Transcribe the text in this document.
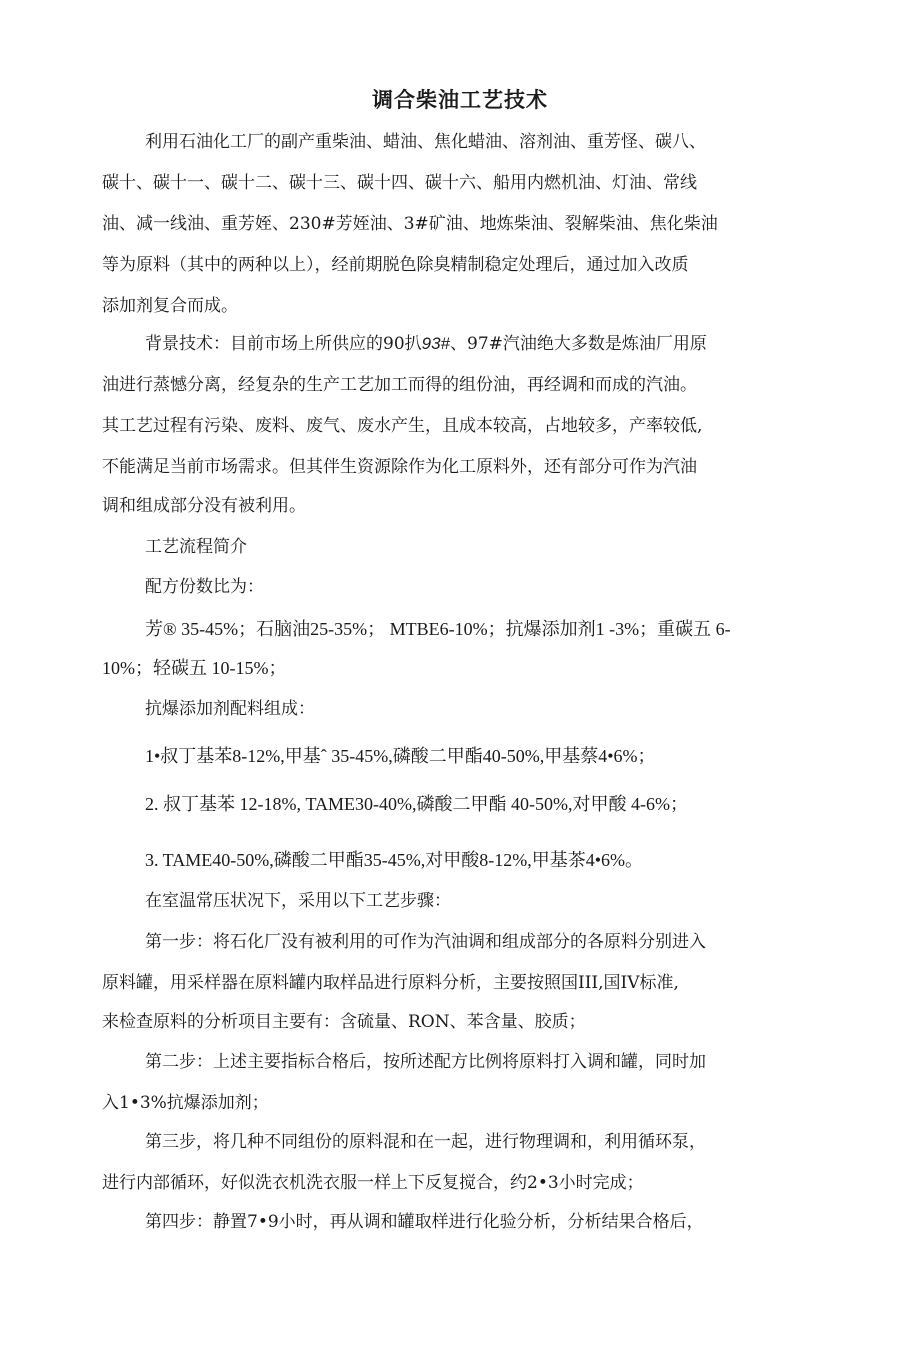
调合柴油工艺技术
利用石油化工厂的副产重柴油、蜡油、焦化蜡油、溶剂油、重芳怪、碳八、
碳十、碳十一、碳十二、碳十三、碳十四、碳十六、船用内燃机油、灯油、常线
油、减一线油、重芳姪、230#芳姪油、3#矿油、地炼柴油、裂解柴油、焦化柴油
等为原料（其中的两种以上），经前期脱色除臭精制稳定处理后，通过加入改质
添加剂复合而成。
背景技术：目前市场上所供应的90扒93#、97#汽油绝大多数是炼油厂用原
油进行蒸憾分离，经复杂的生产工艺加工而得的组份油，再经调和而成的汽油。
其工艺过程有污染、废料、废气、废水产生，且成本较高，占地较多，产率较低,
不能满足当前市场需求。但其伴生资源除作为化工原料外，还有部分可作为汽油
调和组成部分没有被利用。
工艺流程简介
配方份数比为：
芳® 35-45%；石脑油25-35%； MTBE6-10%；抗爆添加剂1 -3%；重碳五 6-
10%；轻碳五 10-15%；
抗爆添加剂配料组成：
1•叔丁基苯8-12%,甲基ˆ 35-45%,磷酸二甲酯40-50%,甲基蔡4•6%；
2. 叔丁基苯 12-18%, TAME30-40%,磷酸二甲酯 40-50%,对甲酸 4-6%；
3. TAME40-50%,磷酸二甲酯35-45%,对甲酸8-12%,甲基茶4•6%。
在室温常压状况下，采用以下工艺步骤：
第一步：将石化厂没有被利用的可作为汽油调和组成部分的各原料分别进入
原料罐，用采样器在原料罐内取样品进行原料分析，主要按照国III,国IV标准,
来检查原料的分析项目主要有：含硫量、RON、苯含量、胶质；
第二步：上述主要指标合格后，按所述配方比例将原料打入调和罐，同时加
入1•3%抗爆添加剂；
第三步，将几种不同组份的原料混和在一起，进行物理调和，利用循环泵，
进行内部循环，好似洗衣机洗衣服一样上下反复搅合，约2•3小时完成；
第四步：静置7•9小时，再从调和罐取样进行化验分析，分析结果合格后，
